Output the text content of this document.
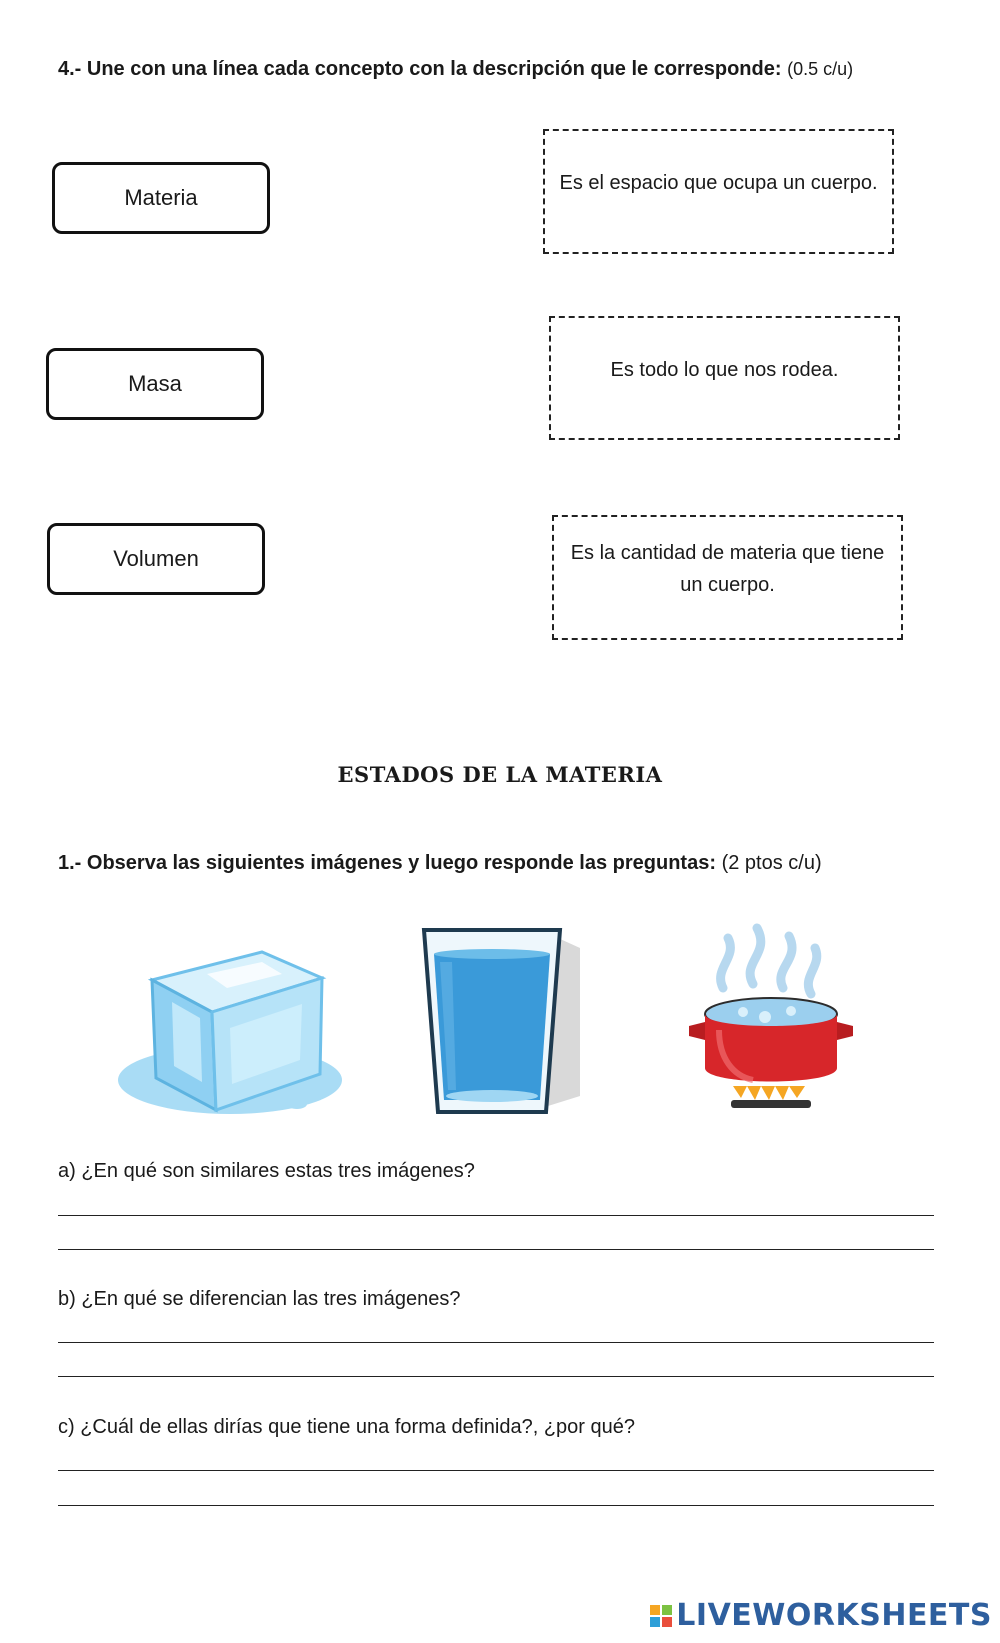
4.- Une con una línea cada concepto con la descripción que le corresponde: (0.5 c/u)
Materia
Masa
Volumen
Es el espacio que ocupa un cuerpo.
Es todo lo que nos rodea.
Es la cantidad de materia que tiene un cuerpo.
ESTADOS DE LA MATERIA
1.- Observa las siguientes imágenes y luego responde las preguntas: (2 ptos c/u)
a) ¿En qué son similares estas tres imágenes?
b) ¿En qué se diferencian las tres imágenes?
c) ¿Cuál de ellas dirías que tiene una forma definida?, ¿por qué?
LIVEWORKSHEETS
